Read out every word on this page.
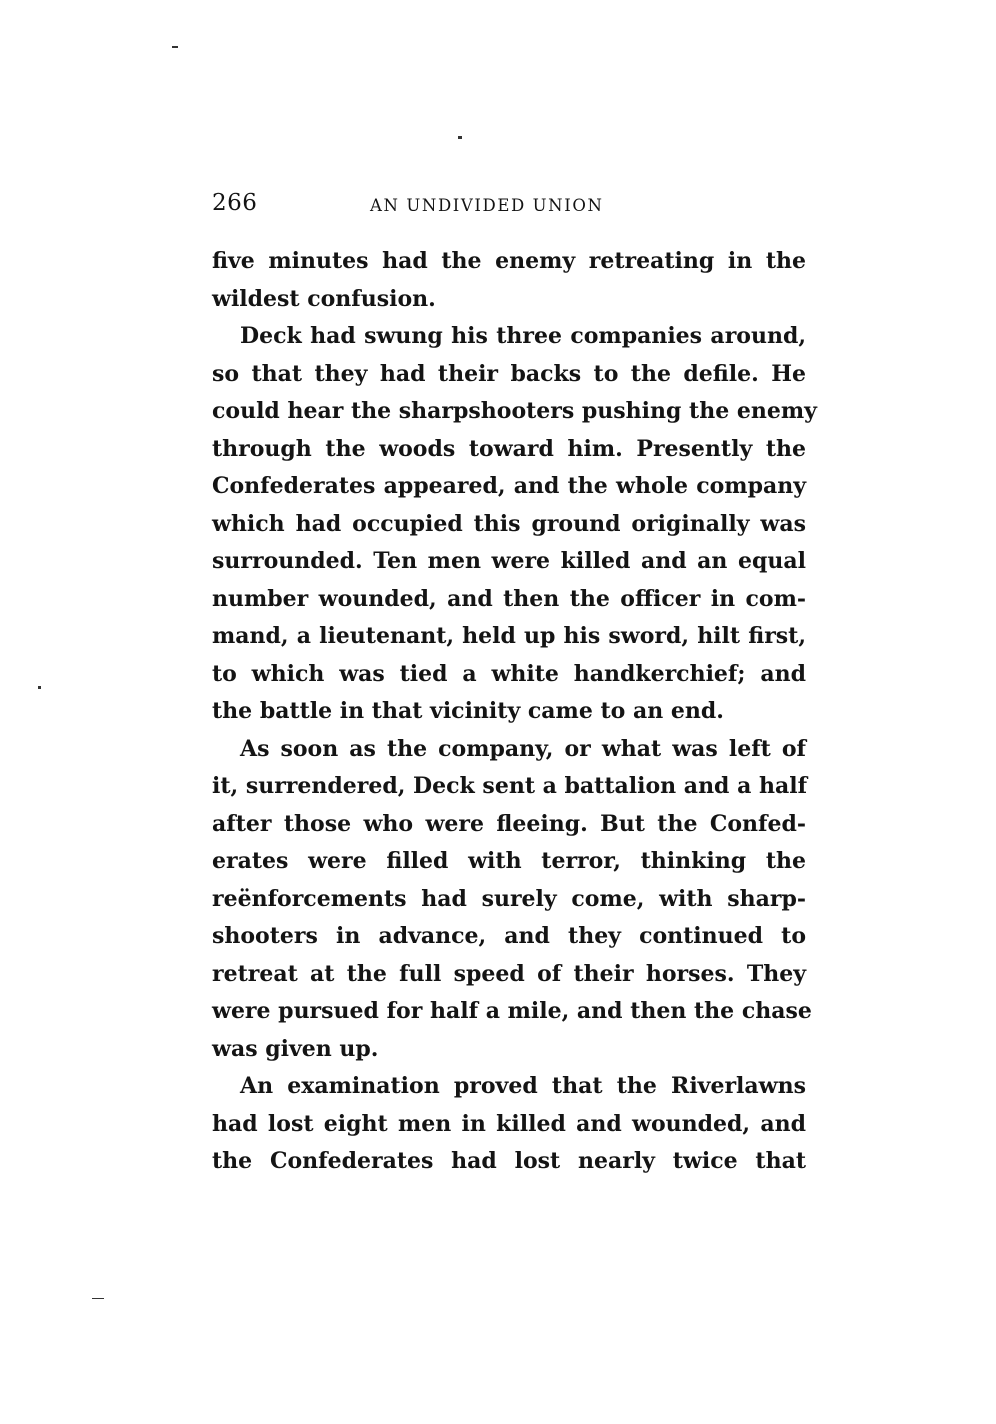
266	AN UNDIVIDED UNION
five minutes had the enemy retreating in the
wildest confusion.
Deck had swung his three companies around,
so that they had their backs to the defile. He
could hear the sharpshooters pushing the enemy
through the woods toward him. Presently the
Confederates appeared, and the whole company
which had occupied this ground originally was
surrounded. Ten men were killed and an equal
number wounded, and then the officer in com-
mand, a lieutenant, held up his sword, hilt first,
to which was tied a white handkerchief; and
the battle in that vicinity came to an end.
As soon as the company, or what was left of
it, surrendered, Deck sent a battalion and a half
after those who were fleeing. But the Confed-
erates were filled with terror, thinking the
reënforcements had surely come, with sharp-
shooters in advance, and they continued to
retreat at the full speed of their horses. They
were pursued for half a mile, and then the chase
was given up.
An examination proved that the Riverlawns
had lost eight men in killed and wounded, and
the Confederates had lost nearly twice that
